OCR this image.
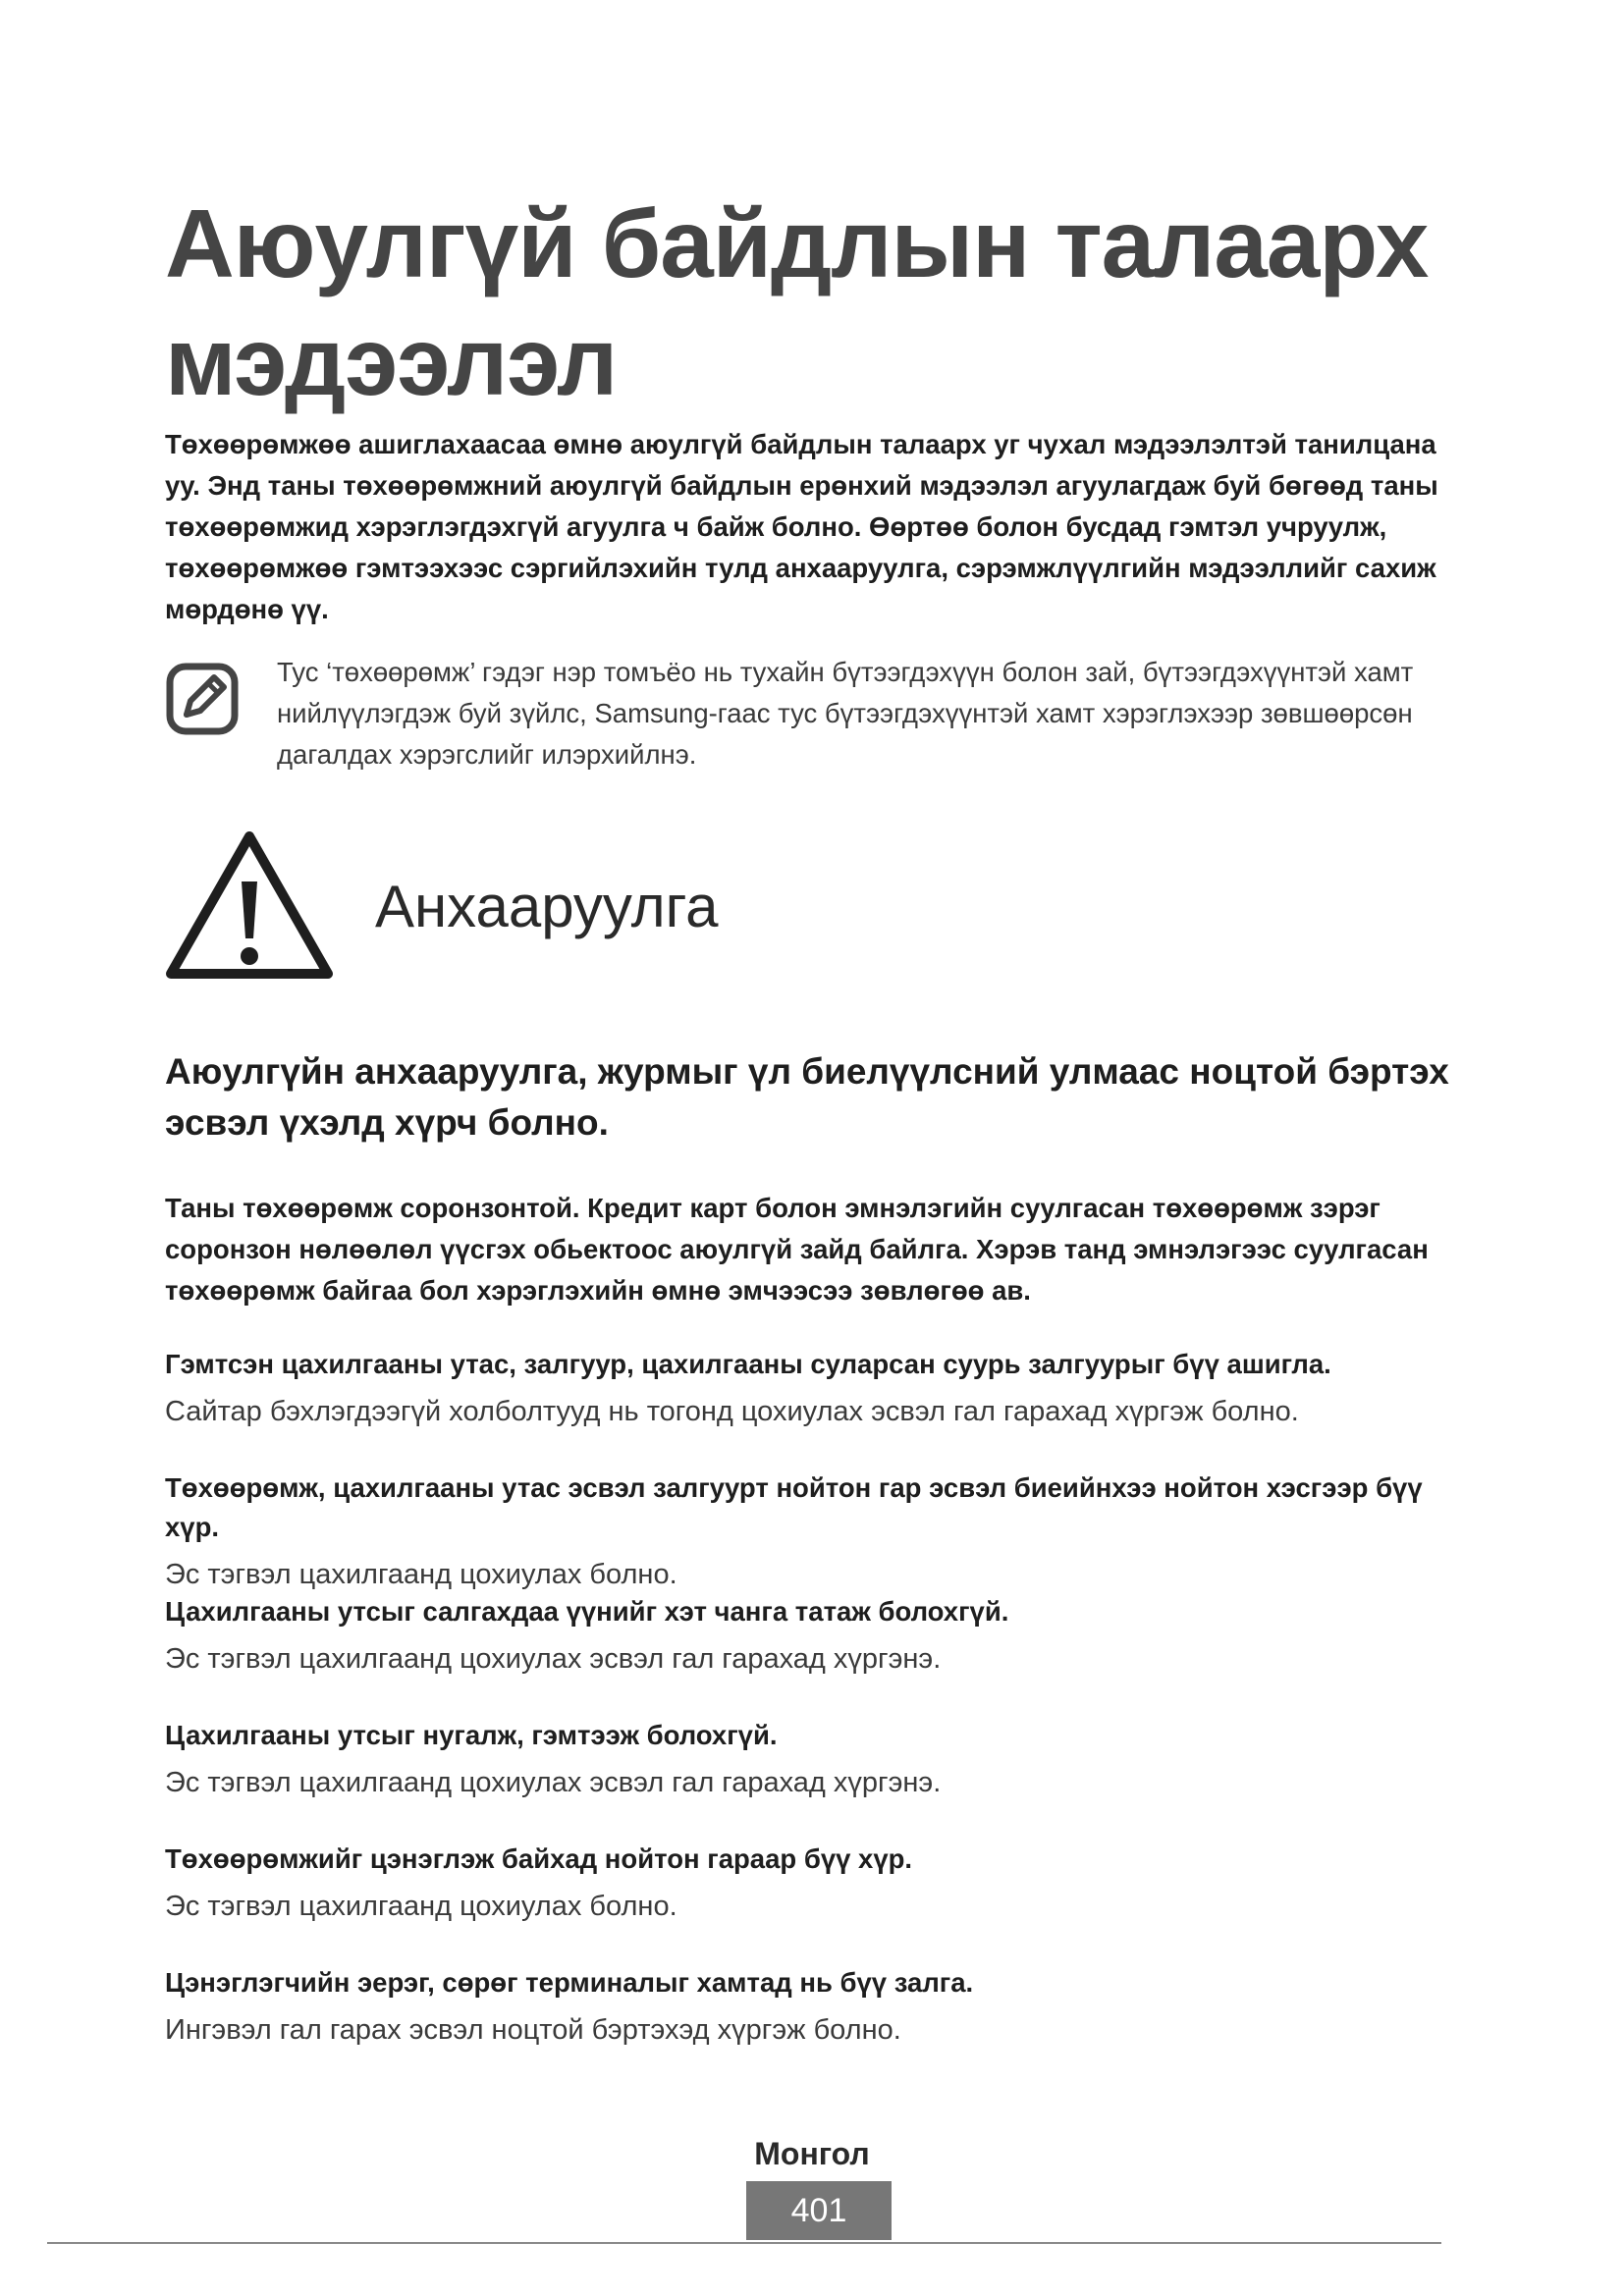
Аюулгүй байдлын талаарх мэдээлэл

Төхөөрөмжөө ашиглахаасаа өмнө аюулгүй байдлын талаарх уг чухал мэдээлэлтэй танилцана уу. Энд таны төхөөрөмжний аюулгүй байдлын ерөнхий мэдээлэл агуулагдаж буй бөгөөд таны төхөөрөмжид хэрэглэгдэхгүй агуулга ч байж болно. Өөртөө болон бусдад гэмтэл учруулж, төхөөрөмжөө гэмтээхээс сэргийлэхийн тулд анхааруулга, сэрэмжлүүлгийн мэдээллийг сахиж мөрдөнө үү.

Тус ‘төхөөрөмж’ гэдэг нэр томъёо нь тухайн бүтээгдэхүүн болон зай, бүтээгдэхүүнтэй хамт нийлүүлэгдэж буй зүйлс, Samsung-гаас тус бүтээгдэхүүнтэй хамт хэрэглэхээр зөвшөөрсөн дагалдах хэрэгслийг илэрхийлнэ.

Анхааруулга
Аюулгүйн анхааруулга, журмыг үл биелүүлсний улмаас ноцтой бэртэх эсвэл үхэлд хүрч болно.

Таны төхөөрөмж соронзонтой. Кредит карт болон эмнэлэгийн суулгасан төхөөрөмж зэрэг соронзон нөлөөлөл үүсгэх обьектоос аюулгүй зайд байлга. Хэрэв танд эмнэлэгээс суулгасан төхөөрөмж байгаа бол хэрэглэхийн өмнө эмчээсээ зөвлөгөө ав.

Гэмтсэн цахилгааны утас, залгуур, цахилгааны суларсан суурь залгуурыг бүү ашигла.

Сайтар бэхлэгдээгүй холболтууд нь тогонд цохиулах эсвэл гал гарахад хүргэж болно.

Төхөөрөмж, цахилгааны утас эсвэл залгуурт нойтон гар эсвэл биеийнхээ нойтон хэсгээр бүү хүр.

Эс тэгвэл цахилгаанд цохиулах болно.

Цахилгааны утсыг салгахдаа үүнийг хэт чанга татаж болохгүй.

Эс тэгвэл цахилгаанд цохиулах эсвэл гал гарахад хүргэнэ.

Цахилгааны утсыг нугалж, гэмтээж болохгүй.

Эс тэгвэл цахилгаанд цохиулах эсвэл гал гарахад хүргэнэ.

Төхөөрөмжийг цэнэглэж байхад нойтон гараар бүү хүр.

Эс тэгвэл цахилгаанд цохиулах болно.

Цэнэглэгчийн эерэг, сөрөг терминалыг хамтад нь бүү залга.

Ингэвэл гал гарах эсвэл ноцтой бэртэхэд хүргэж болно.

Монгол
401
